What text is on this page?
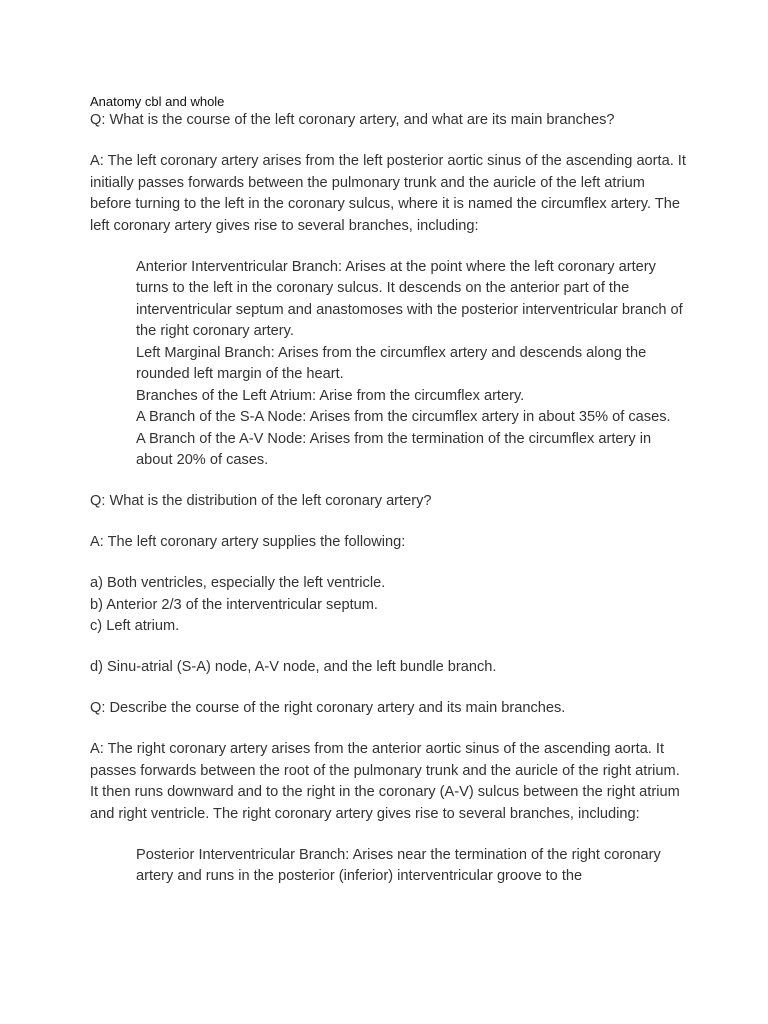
Anatomy cbl and whole

Q: What is the course of the left coronary artery, and what are its main branches?

A: The left coronary artery arises from the left posterior aortic sinus of the ascending aorta. It initially passes forwards between the pulmonary trunk and the auricle of the left atrium before turning to the left in the coronary sulcus, where it is named the circumflex artery. The left coronary artery gives rise to several branches, including:

Anterior Interventricular Branch: Arises at the point where the left coronary artery turns to the left in the coronary sulcus. It descends on the anterior part of the interventricular septum and anastomoses with the posterior interventricular branch of the right coronary artery.

Left Marginal Branch: Arises from the circumflex artery and descends along the rounded left margin of the heart.

Branches of the Left Atrium: Arise from the circumflex artery.

A Branch of the S-A Node: Arises from the circumflex artery in about 35% of cases.

A Branch of the A-V Node: Arises from the termination of the circumflex artery in about 20% of cases.

Q: What is the distribution of the left coronary artery?

A: The left coronary artery supplies the following:

a) Both ventricles, especially the left ventricle.

b) Anterior 2/3 of the interventricular septum.

c) Left atrium.

d) Sinu-atrial (S-A) node, A-V node, and the left bundle branch.

Q: Describe the course of the right coronary artery and its main branches.

A: The right coronary artery arises from the anterior aortic sinus of the ascending aorta. It passes forwards between the root of the pulmonary trunk and the auricle of the right atrium. It then runs downward and to the right in the coronary (A-V) sulcus between the right atrium and right ventricle. The right coronary artery gives rise to several branches, including:

Posterior Interventricular Branch: Arises near the termination of the right coronary artery and runs in the posterior (inferior) interventricular groove to the
